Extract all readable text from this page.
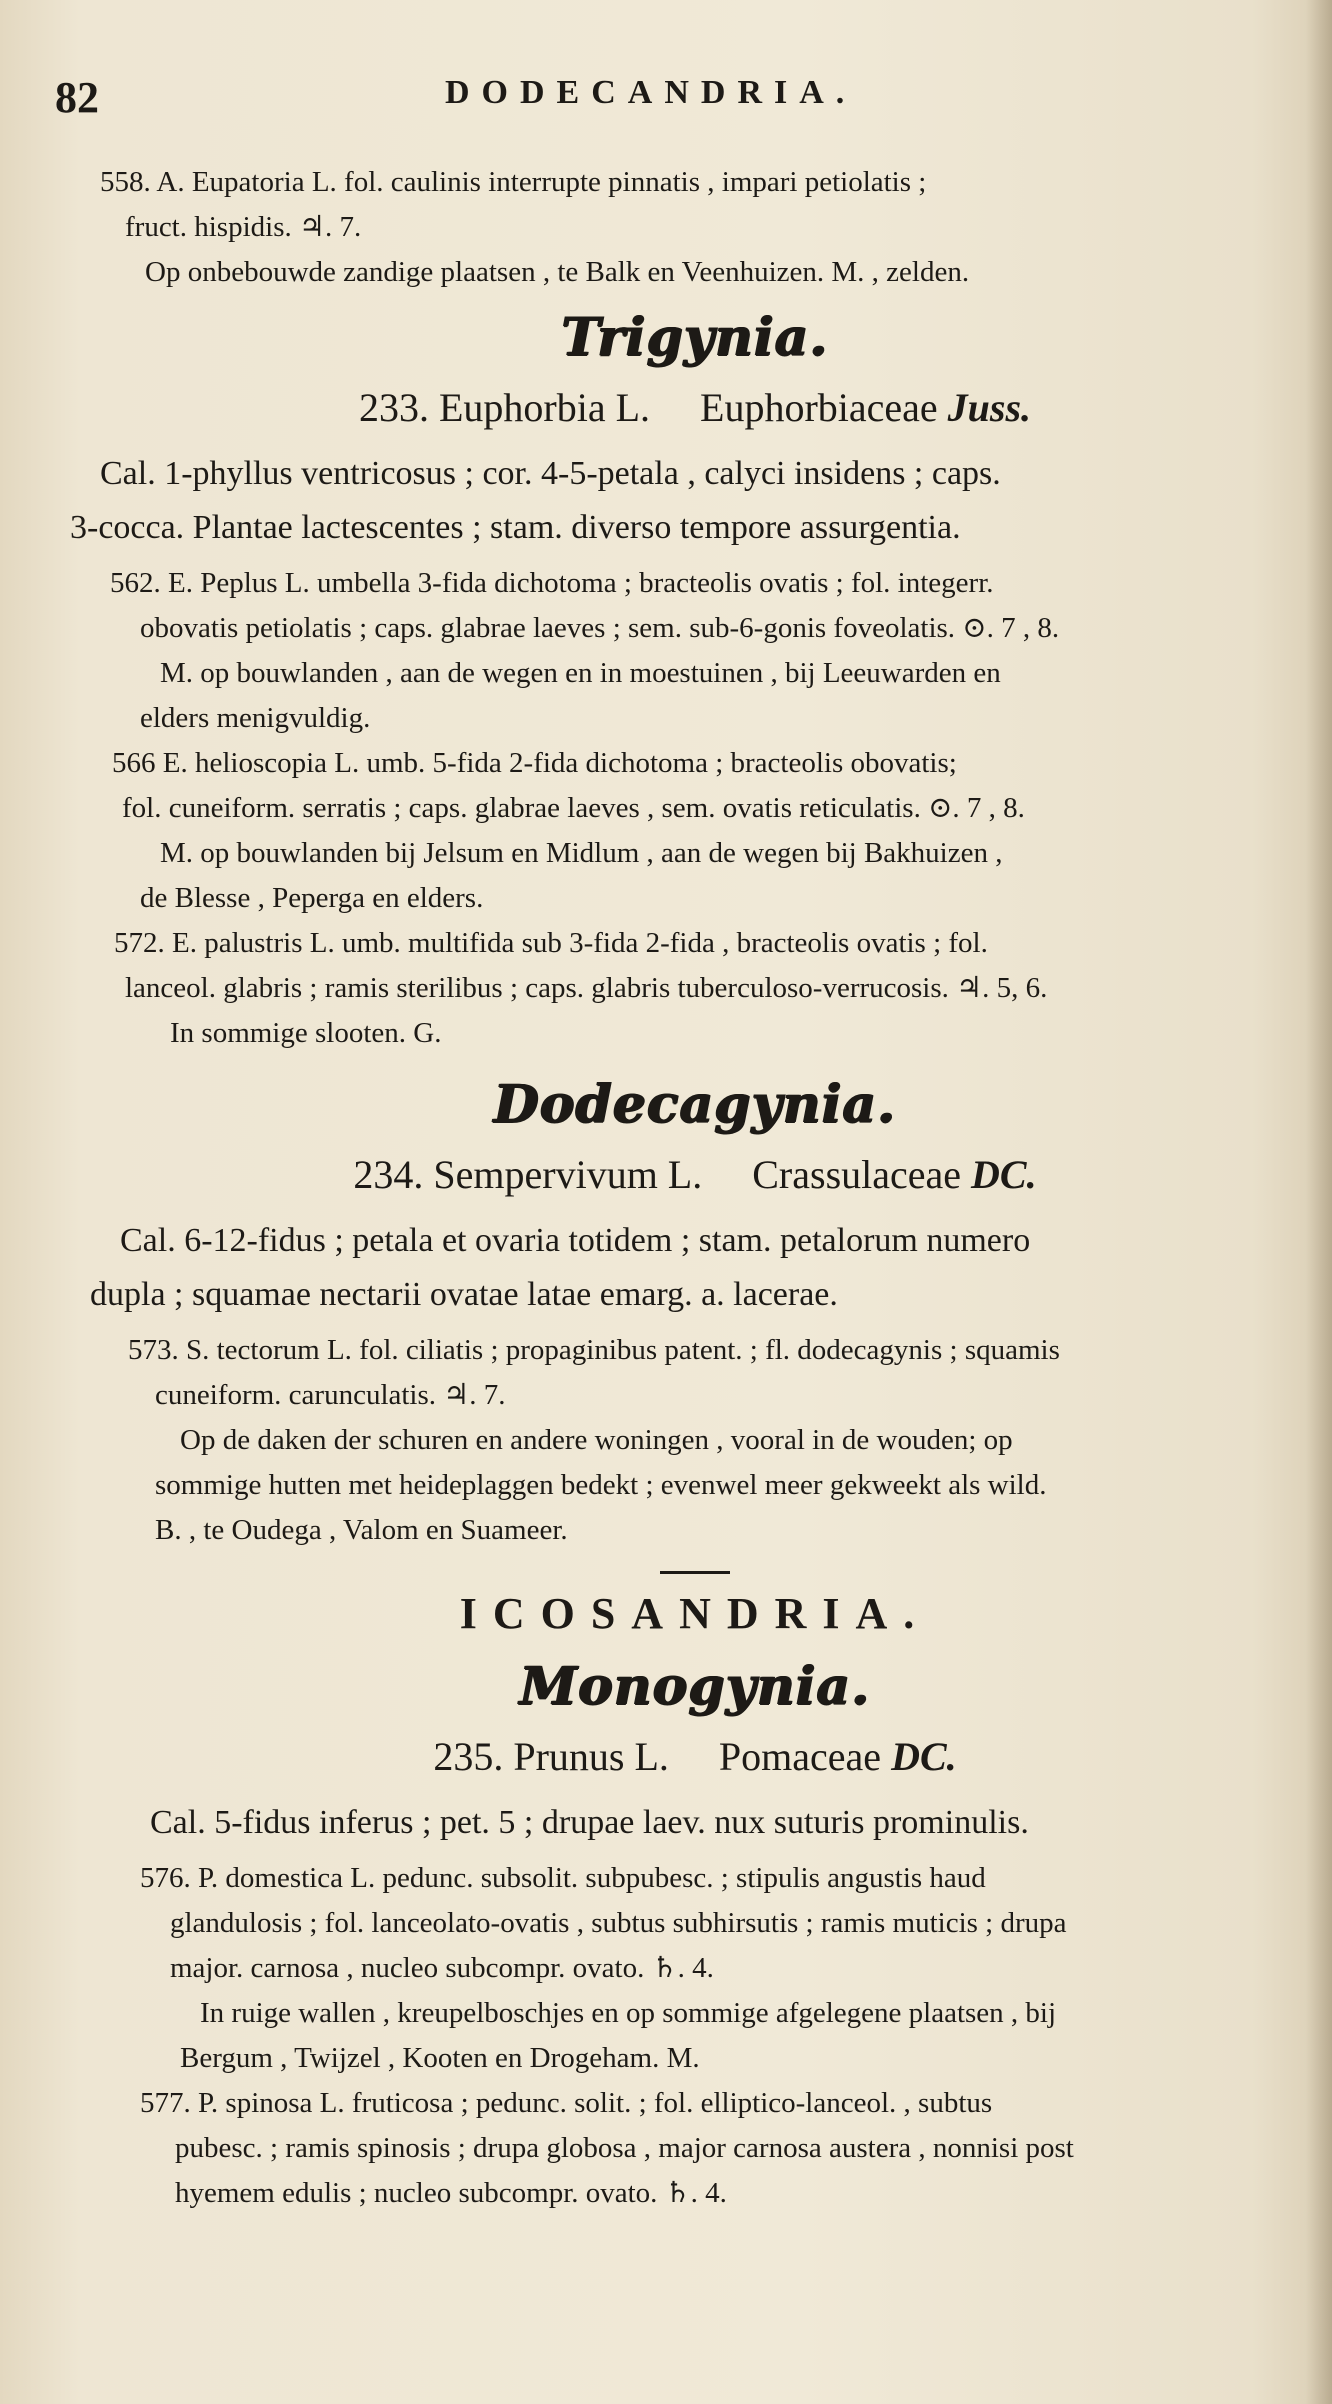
82	DODECANDRIA.

558. A. Eupatoria L. fol. caulinis interrupte pinnatis , impari petiolatis ;

fruct. hispidis. ♃. 7.

Op onbebouwde zandige plaatsen , te Balk en Veenhuizen. M. , zelden.

Trigynia.
233. Euphorbia L. Euphorbiaceae Juss.

Cal. 1-phyllus ventricosus ; cor. 4-5-petala , calyci insidens ; caps.

3-cocca. Plantae lactescentes ; stam. diverso tempore assurgentia.

562. E. Peplus L. umbella 3-fida dichotoma ; bracteolis ovatis ; fol. integerr.

obovatis petiolatis ; caps. glabrae laeves ; sem. sub-6-gonis foveolatis. ⊙. 7 , 8.

M. op bouwlanden , aan de wegen en in moestuinen , bij Leeuwarden en

elders menigvuldig.

566 E. helioscopia L. umb. 5-fida 2-fida dichotoma ; bracteolis obovatis;

fol. cuneiform. serratis ; caps. glabrae laeves , sem. ovatis reticulatis. ⊙. 7 , 8.

M. op bouwlanden bij Jelsum en Midlum , aan de wegen bij Bakhuizen ,

de Blesse , Peperga en elders.

572. E. palustris L. umb. multifida sub 3-fida 2-fida , bracteolis ovatis ; fol.

lanceol. glabris ; ramis sterilibus ; caps. glabris tuberculoso-verrucosis. ♃. 5, 6.

In sommige slooten. G.

Dodecagynia.
234. Sempervivum L. Crassulaceae DC.

Cal. 6-12-fidus ; petala et ovaria totidem ; stam. petalorum numero

dupla ; squamae nectarii ovatae latae emarg. a. lacerae.

573. S. tectorum L. fol. ciliatis ; propaginibus patent. ; fl. dodecagynis ; squamis

cuneiform. carunculatis. ♃. 7.

Op de daken der schuren en andere woningen , vooral in de wouden; op

sommige hutten met heideplaggen bedekt ; evenwel meer gekweekt als wild.

B. , te Oudega , Valom en Suameer.

ICOSANDRIA.
Monogynia.
235. Prunus L. Pomaceae DC.

Cal. 5-fidus inferus ; pet. 5 ; drupae laev. nux suturis prominulis.

576. P. domestica L. pedunc. subsolit. subpubesc. ; stipulis angustis haud

glandulosis ; fol. lanceolato-ovatis , subtus subhirsutis ; ramis muticis ; drupa

major. carnosa , nucleo subcompr. ovato. ♄. 4.

In ruige wallen , kreupelboschjes en op sommige afgelegene plaatsen , bij

Bergum , Twijzel , Kooten en Drogeham. M.

577. P. spinosa L. fruticosa ; pedunc. solit. ; fol. elliptico-lanceol. , subtus

pubesc. ; ramis spinosis ; drupa globosa , major carnosa austera , nonnisi post

hyemem edulis ; nucleo subcompr. ovato. ♄. 4.
